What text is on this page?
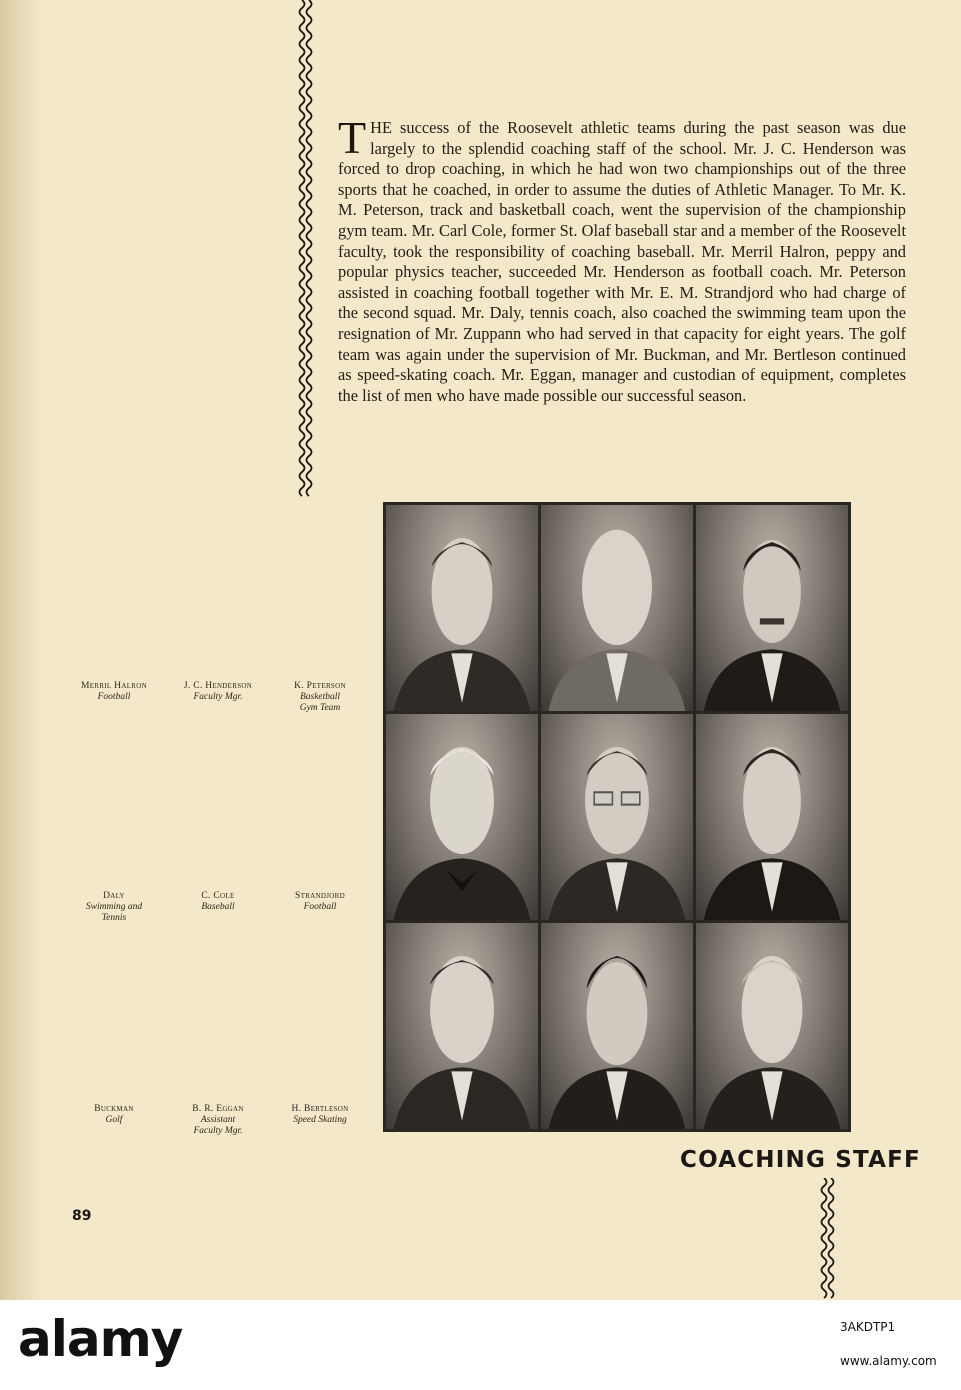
THE success of the Roosevelt athletic teams during the past season was due largely to the splendid coaching staff of the school. Mr. J. C. Henderson was forced to drop coaching, in which he had won two championships out of the three sports that he coached, in order to assume the duties of Athletic Manager. To Mr. K. M. Peterson, track and basketball coach, went the supervision of the championship gym team. Mr. Carl Cole, former St. Olaf baseball star and a member of the Roosevelt faculty, took the responsibility of coaching baseball. Mr. Merril Halron, peppy and popular physics teacher, succeeded Mr. Henderson as football coach. Mr. Peterson assisted in coaching football together with Mr. E. M. Strandjord who had charge of the second squad. Mr. Daly, tennis coach, also coached the swimming team upon the resignation of Mr. Zuppann who had served in that capacity for eight years. The golf team was again under the supervision of Mr. Buckman, and Mr. Bertleson continued as speed-skating coach. Mr. Eggan, manager and custodian of equipment, completes the list of men who have made possible our successful season.
Merril Halron
Football
J. C. Henderson
Faculty Mgr.
K. Peterson
Basketball
Gym Team
Daly
Swimming and
Tennis
C. Cole
Baseball
Strandjord
Football
Buckman
Golf
B. R. Eggan
Assistant
Faculty Mgr.
H. Bertleson
Speed Skating
COACHING STAFF
89
alamy	3AKDTP1
www.alamy.com
